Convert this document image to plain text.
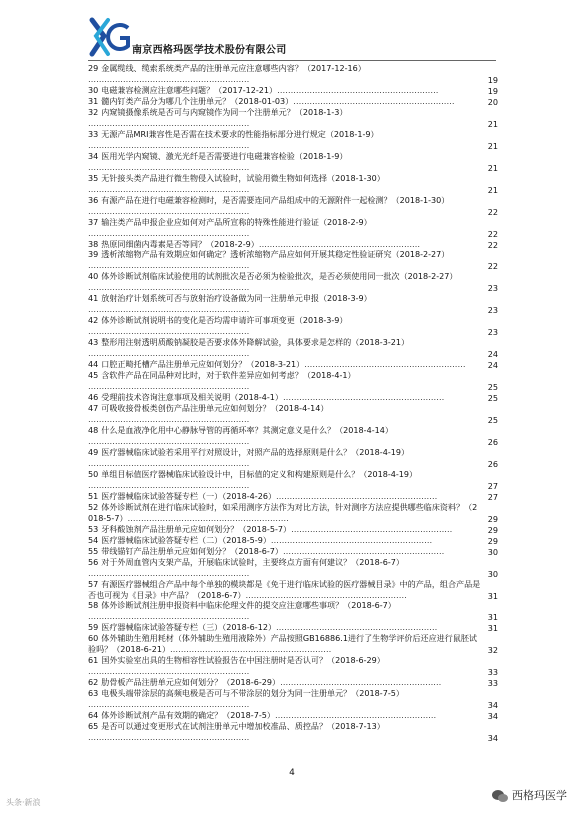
南京西格玛医学技术股份有限公司
29 金属缆线、缆索系统类产品的注册单元应注意哪些内容？（2017-12-16）……………………………………………………	19
30 电磁兼容检测应注意哪些问题？（2017-12-21）……………………………………………………	19
31 髓内钉类产品分为哪几个注册单元？（2018-01-03）……………………………………………………	20
32 内窥镜摄像系统是否可与内窥镜作为同一个注册单元？（2018-1-3）……………………………………………………	21
33 无源产品MRI兼容性是否需在技术要求的性能指标部分进行规定（2018-1-9）……………………………………………………	21
34 医用光学内窥镜、激光光纤是否需要进行电磁兼容检验（2018-1-9）……………………………………………………	21
35 无针接头类产品进行微生物侵入试验时，试验用微生物如何选择（2018-1-30）……………………………………………………	21
36 有源产品在进行电磁兼容检测时，是否需要连同产品组成中的无源附件一起检测？（2018-1-30）……………………………………………………	22
37 输注类产品申报企业应如何对产品所宣称的特殊性能进行验证（2018-2-9）……………………………………………………	22
38 热原同细菌内毒素是否等同？（2018-2-9）……………………………………………………	22
39 透析浓缩物产品有效期应如何确定？透析浓缩物产品应如何开展其稳定性验证研究（2018-2-27）……………………………………………………	22
40 体外诊断试剂临床试验使用的试剂批次是否必须为检验批次，是否必须使用同一批次（2018-2-27）……………………………………………………	23
41 放射治疗计划系统可否与放射治疗设备做为同一注册单元申报（2018-3-9）……………………………………………………	23
42 体外诊断试剂说明书的变化是否均需申请许可事项变更（2018-3-9）……………………………………………………	23
43 整形用注射透明质酸钠凝胶是否要求体外降解试验，具体要求是怎样的（2018-3-21）……………………………………………………	24
44 口腔正畸托槽产品注册单元应如何划分？（2018-3-21）……………………………………………………	24
45 含软件产品在同品种对比时，对于软件差异应如何考虑？（2018-4-1）……………………………………………………	25
46 受理前技术咨询注意事项及相关说明（2018-4-1）……………………………………………………	25
47 可吸收接骨板类创伤产品注册单元应如何划分？（2018-4-14）……………………………………………………	25
48 什么是血液净化用中心静脉导管的再循环率？其测定意义是什么？（2018-4-14）……………………………………………………	26
49 医疗器械临床试验若采用平行对照设计，对照产品的选择原则是什么？（2018-4-19）……………………………………………………	26
50 单组目标值医疗器械临床试验设计中，目标值的定义和构建原则是什么？（2018-4-19）……………………………………………………	27
51 医疗器械临床试验答疑专栏（一）（2018-4-26）……………………………………………………	27
52 体外诊断试剂在进行临床试验时，如采用测序方法作为对比方法，针对测序方法应提供哪些临床资料？（2018-5-7）……………………………………………………	29
53 牙科酸蚀剂产品注册单元应如何划分？（2018-5-7）……………………………………………………	29
54 医疗器械临床试验答疑专栏（二）（2018-5-9）……………………………………………………	29
55 带线锚钉产品注册单元应如何划分？（2018-6-7）……………………………………………………	30
56 对于外周血管内支架产品，开展临床试验时，主要终点方面有何建议？（2018-6-7）……………………………………………………	30
57 有源医疗器械组合产品中每个单独的模块都是《免于进行临床试验的医疗器械目录》中的产品，组合产品是否也可视为《目录》中产品？（2018-6-7）……………………………………………………	31
58 体外诊断试剂注册申报资料中临床伦理文件的提交应注意哪些事项？（2018-6-7）……………………………………………………	31
59 医疗器械临床试验答疑专栏（三）（2018-6-12）……………………………………………………	31
60 体外辅助生殖用耗材（体外辅助生殖用液除外）产品按照GB16886.1进行了生物学评价后还应进行鼠胚试验吗？（2018-6-21）……………………………………………………	32
61 国外实验室出具的生物相容性试验报告在中国注册时是否认可？（2018-6-29）……………………………………………………	33
62 肋骨板产品注册单元应如何划分？（2018-6-29）……………………………………………………	33
63 电极头端带涂层的高频电极是否可与不带涂层的划分为同一注册单元？（2018-7-5）……………………………………………………	34
64 体外诊断试剂产品有效期的确定？（2018-7-5）……………………………………………………	34
65 是否可以通过变更形式在试剂注册单元中增加校准品、质控品？（2018-7-13）……………………………………………………	34
4
头条·新浪
西格玛医学
